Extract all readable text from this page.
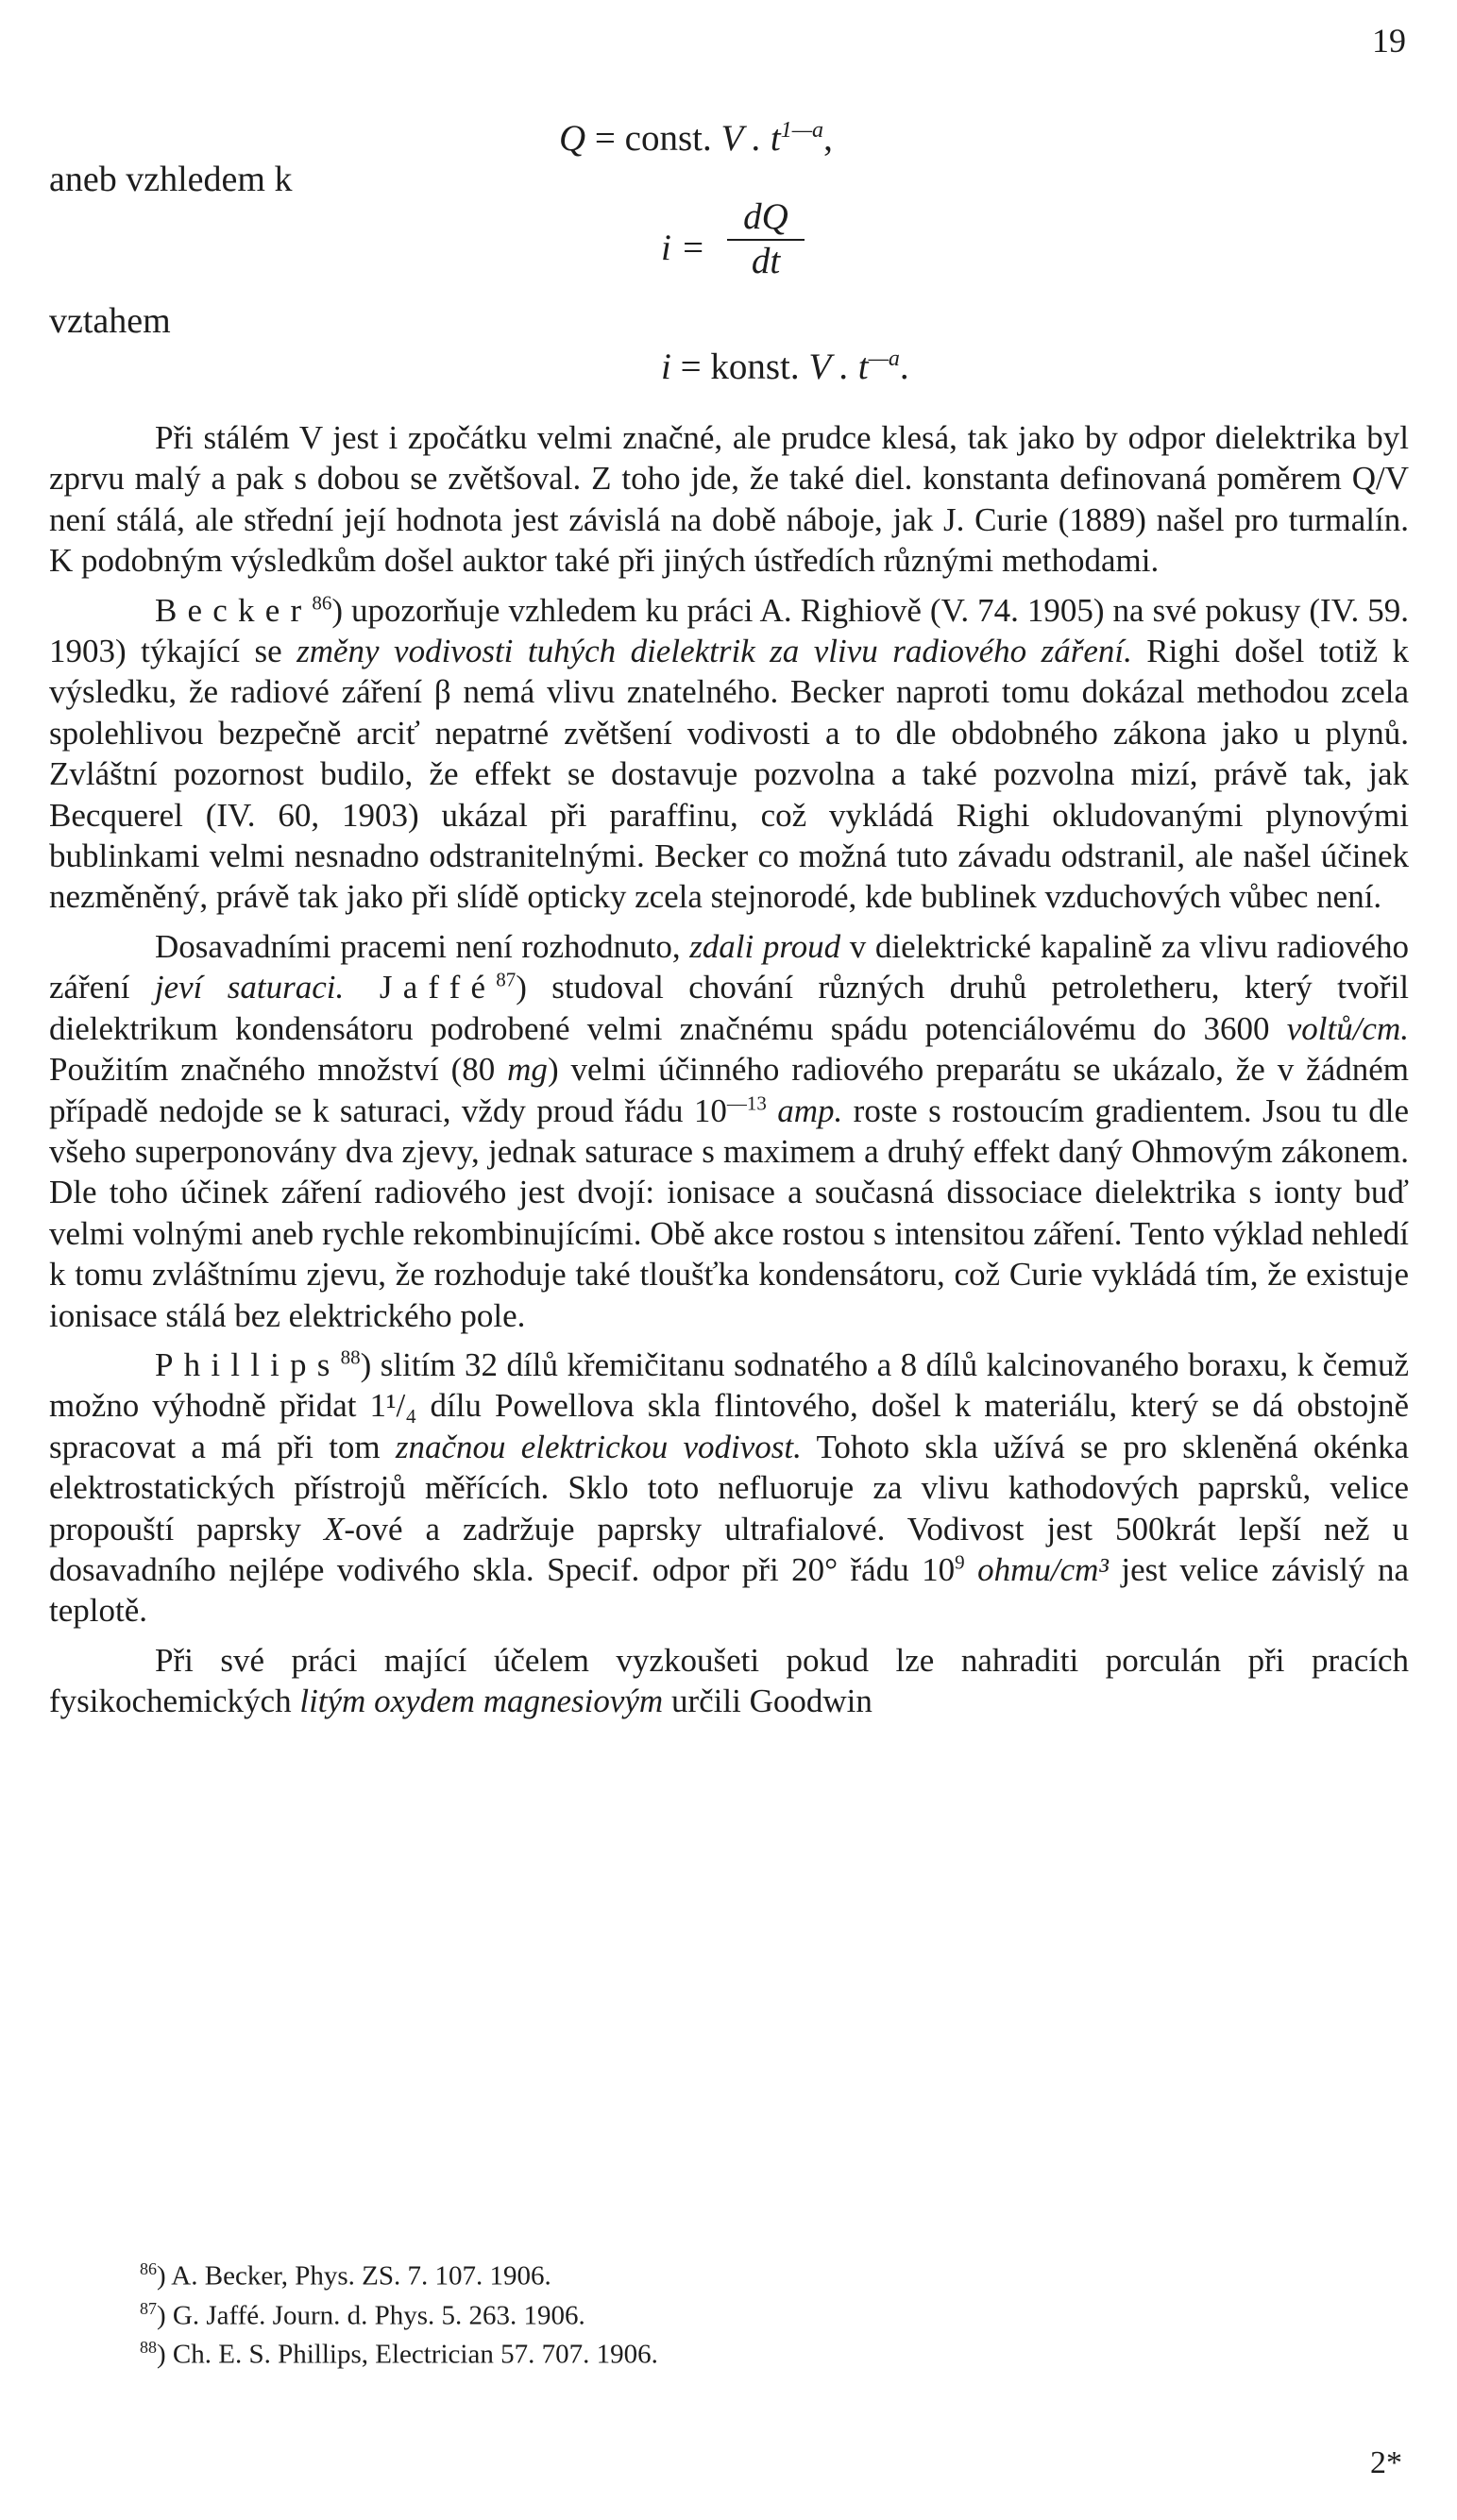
19
aneb vzhledem k
Q = const. V . $t^{1—a}$,
$i = \frac{dQ}{dt}$
vztahem
i = konst. V . $t^{—a}$.

Při stálém V jest i zpočátku velmi značné, ale prudce klesá, tak jako by odpor dielektrika byl zprvu malý a pak s dobou se zvětšoval. Z toho jde, že také diel. konstanta definovaná poměrem Q/V není stálá, ale střední její hodnota jest závislá na době náboje, jak J. Curie (1889) našel pro turmalín. K podobným výsledkům došel auktor také při jiných ústředích různými methodami.

Becker$^{86}$) upozorňuje vzhledem ku práci A. Righiově (V. 74. 1905) na své pokusy (IV. 59. 1903) týkající se změny vodivosti tuhých dielektrik za vlivu radiového záření. Righi došel totiž k výsledku, že radiové záření β nemá vlivu znatelného. Becker naproti tomu dokázal methodou zcela spolehlivou bezpečně arciť nepatrné zvětšení vodivosti a to dle obdobného zákona jako u plynů. Zvláštní pozornost budilo, že effekt se dostavuje pozvolna a také pozvolna mizí, právě tak, jak Becquerel (IV. 60, 1903) ukázal při paraffinu, což vykládá Righi okludovanými plynovými bublinkami velmi nesnadno odstranitelnými. Becker co možná tuto závadu odstranil, ale našel účinek nezměněný, právě tak jako při slídě opticky zcela stejnorodé, kde bublinek vzduchových vůbec není.

Dosavadními pracemi není rozhodnuto, zdali proud v dielektrické kapalině za vlivu radiového záření jeví saturaci. Jaffé$^{87}$) studoval chování různých druhů petroletheru, který tvořil dielektrikum kondensátoru podrobené velmi značnému spádu potenciálovému do 3600 voltů/cm. Použitím značného množství (80 mg) velmi účinného radiového preparátu se ukázalo, že v žádném případě nedojde se k saturaci, vždy proud řádu $10^{—13}$ amp. roste s rostoucím gradientem. Jsou tu dle všeho superponovány dva zjevy, jednak saturace s maximem a druhý effekt daný Ohmovým zákonem. Dle toho účinek záření radiového jest dvojí: ionisace a současná dissociace dielektrika s ionty buď velmi volnými aneb rychle rekombinujícími. Obě akce rostou s intensitou záření. Tento výklad nehledí k tomu zvláštnímu zjevu, že rozhoduje také tloušťka kondensátoru, což Curie vykládá tím, že existuje ionisace stálá bez elektrického pole.

Phillips$^{88}$) slitím 32 dílů křemičitanu sodnatého a 8 dílů kalcinovaného boraxu, k čemuž možno výhodně přidat 1¹/₄ dílu Powellova skla flintového, došel k materiálu, který se dá obstojně spracovat a má při tom značnou elektrickou vodivost. Tohoto skla užívá se pro skleněná okénka elektrostatických přístrojů měřících. Sklo toto nefluoruje za vlivu kathodových paprsků, velice propouští paprsky X-ové a zadržuje paprsky ultrafialové. Vodivost jest 500krát lepší než u dosavadního nejlépe vodivého skla. Specif. odpor při 20° řádu $10^9$ ohmu/cm³ jest velice závislý na teplotě.

Při své práci mající účelem vyzkoušeti pokud lze nahraditi porculán při pracích fysikochemických litým oxydem magnesiovým určili Goodwin

$^{86}$) A. Becker, Phys. ZS. 7. 107. 1906.
$^{87}$) G. Jaffé. Journ. d. Phys. 5. 263. 1906.
$^{88}$) Ch. E. S. Phillips, Electrician 57. 707. 1906.
2*
